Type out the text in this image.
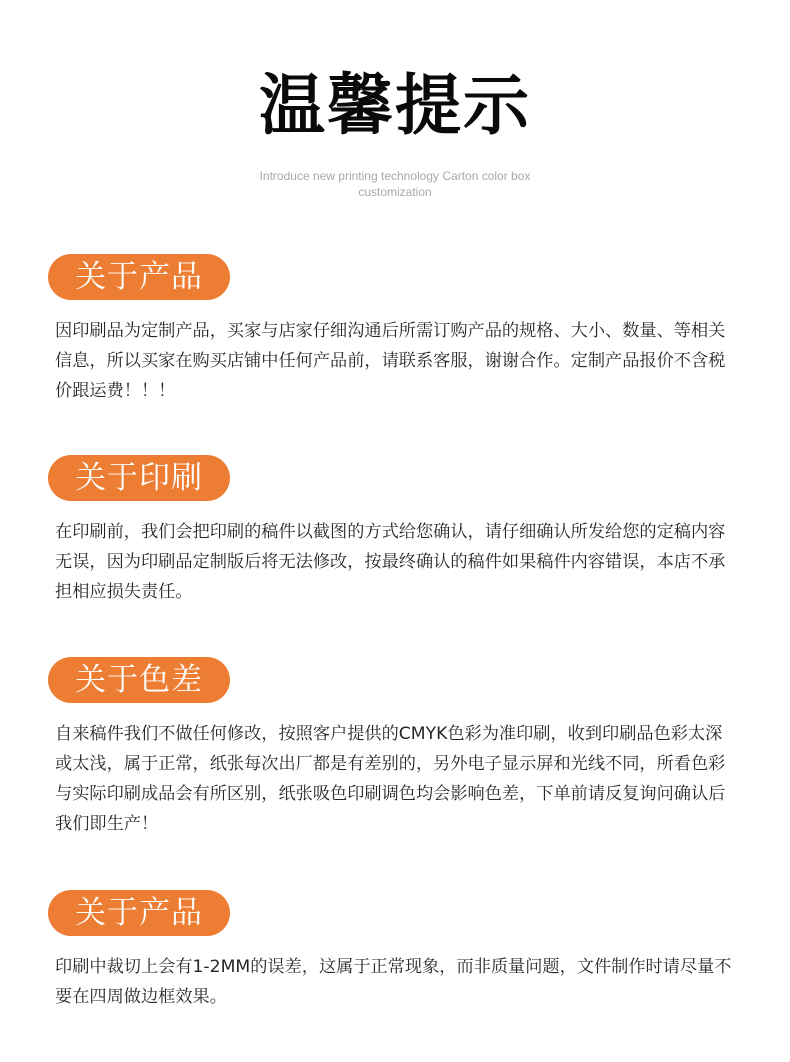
温馨提示
Introduce new printing technology Carton color box customization
关于产品
因印刷品为定制产品，买家与店家仔细沟通后所需订购产品的规格、大小、数量、等相关信息，所以买家在购买店铺中任何产品前，请联系客服，谢谢合作。定制产品报价不含税价跟运费！！！
关于印刷
在印刷前，我们会把印刷的稿件以截图的方式给您确认，请仔细确认所发给您的定稿内容无误，因为印刷品定制版后将无法修改，按最终确认的稿件如果稿件内容错误，本店不承担相应损失责任。
关于色差
自来稿件我们不做任何修改，按照客户提供的CMYK色彩为准印刷，收到印刷品色彩太深或太浅，属于正常，纸张每次出厂都是有差别的，另外电子显示屏和光线不同，所看色彩与实际印刷成品会有所区别，纸张吸色印刷调色均会影响色差，下单前请反复询问确认后我们即生产！
关于产品
印刷中裁切上会有1-2MM的误差，这属于正常现象，而非质量问题，文件制作时请尽量不要在四周做边框效果。
